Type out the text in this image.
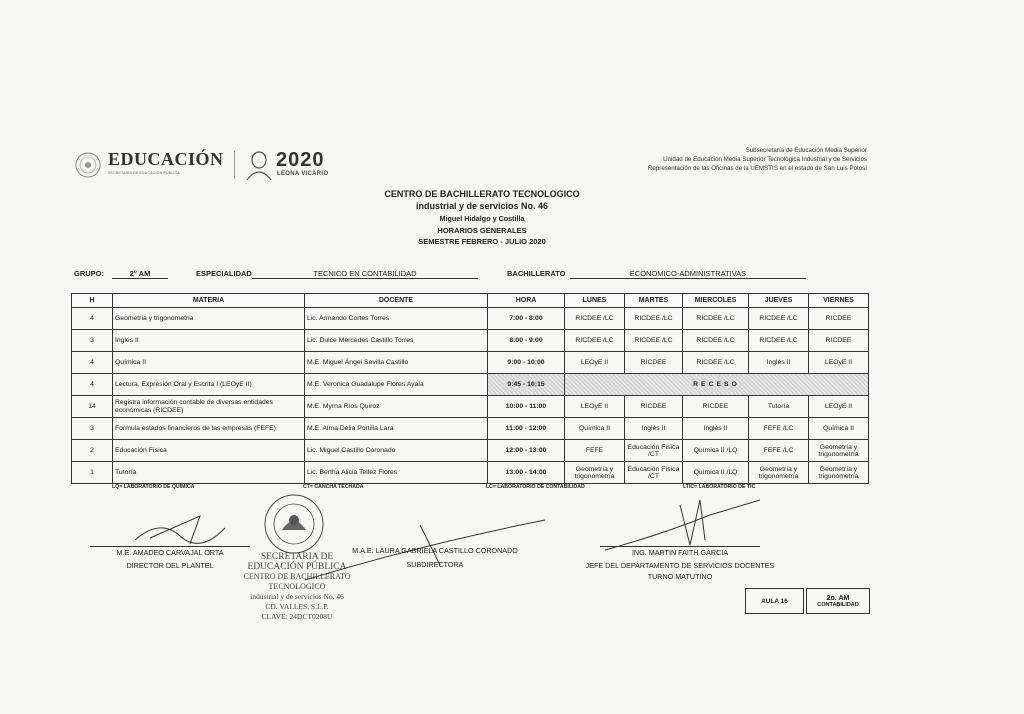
EDUCACIÓN
SECRETARÍA DE EDUCACIÓN PÚBLICA
2020
LEONA VICARIO
Subsecretaría de Educación Media Superior
Unidad de Educación Media Superior Tecnológica Industrial y de Servicios
Representación de las Oficinas de la UEMSTIS en el estado de San Luis Potosí
CENTRO DE BACHILLERATO TECNOLOGICO
industrial y de servicios No. 46
Miguel Hidalgo y Costilla
HORARIOS GENERALES
SEMESTRE FEBRERO - JULIO 2020
GRUPO:	2° AM	ESPECIALIDAD	TECNICO EN CONTABILIDAD	BACHILLERATO	ECONOMICO-ADMINISTRATIVAS
H	MATERIA	DOCENTE	HORA	LUNES	MARTES	MIERCOLES	JUEVES	VIERNES
4	Geometria y trigonometria	Lic. Armando Cortes Torres	7:00 - 8:00	RICDEE /LC	RICDEE /LC	RICDEE /LC	RICDEE /LC	RICDEE
3	Inglés II	Lic. Dulce Mercedes Castillo Torres	8:00 - 9:00	RICDEE /LC	RICDEE /LC	RICDEE /LC	RICDEE /LC	RICDEE
4	Química II	M.E. Miguel Ángel Sevilla Castillo	9:00 - 10:00	LEOyE II	RICDEE	RICDEE /LC	Inglés II	LEOyE II
4	Lectura, Expresión Oral y Escrita I (LEOyE II)	M.E. Veronica Guadalupe Flores Ayala	9:45 - 10:15	RECESO				
14	Registra información contable de diversas entidades económicas (RICDEE)	M.E. Myrna Ríos Quiroz	10:00 - 11:00	LEOyE II	RICDEE	RICDEE	Tutoría	LEOyE II
3	Formula estados financieros de las empresas (FEFE)	M.E. Alma Delia Portilla Lara	11:00 - 12:00	Química II	Inglés II	Inglés II	FEFE /LC	Química II
2	Educación Física	Lic. Miguel Castillo Coronado	12:00 - 13:00	FEFE	Educación Física /CT	Química II /LQ	FEFE /LC	Geometría y trigonometría
1	Tutoría	Lic. Bertha Alicia Tellez Flores	13:00 - 14:00	Geometría y trigonometría	Educación Física /CT	Química II /LQ	Geometría y trigonometría	Geometría y trigonometría
LQ= LABORATORIO DE QUIMICA	CT= CANCHA TECHADA	LC= LABORATORIO DE CONTABILIDAD	LTIC= LABORATORIO DE TIC
SECRETARIA DE
EDUCACIÓN PÚBLICA
CENTRO DE BACHILLERATO
TECNOLOGICO
industrial y de servicios No. 46
CD. VALLES, S.L.P.
CLAVE: 24DCT0208U
M.E. AMADEO CARVAJAL ORTA
DIRECTOR DEL PLANTEL
M.A.E. LAURA GABRIELA CASTILLO CORONADO
SUBDIRECTORA
ING. MARTIN FAITH GARCIA
JEFE DEL DEPARTAMENTO DE SERVICIOS DOCENTES
TURNO MATUTINO
AULA 16	2o. AM
CONTABILIDAD
